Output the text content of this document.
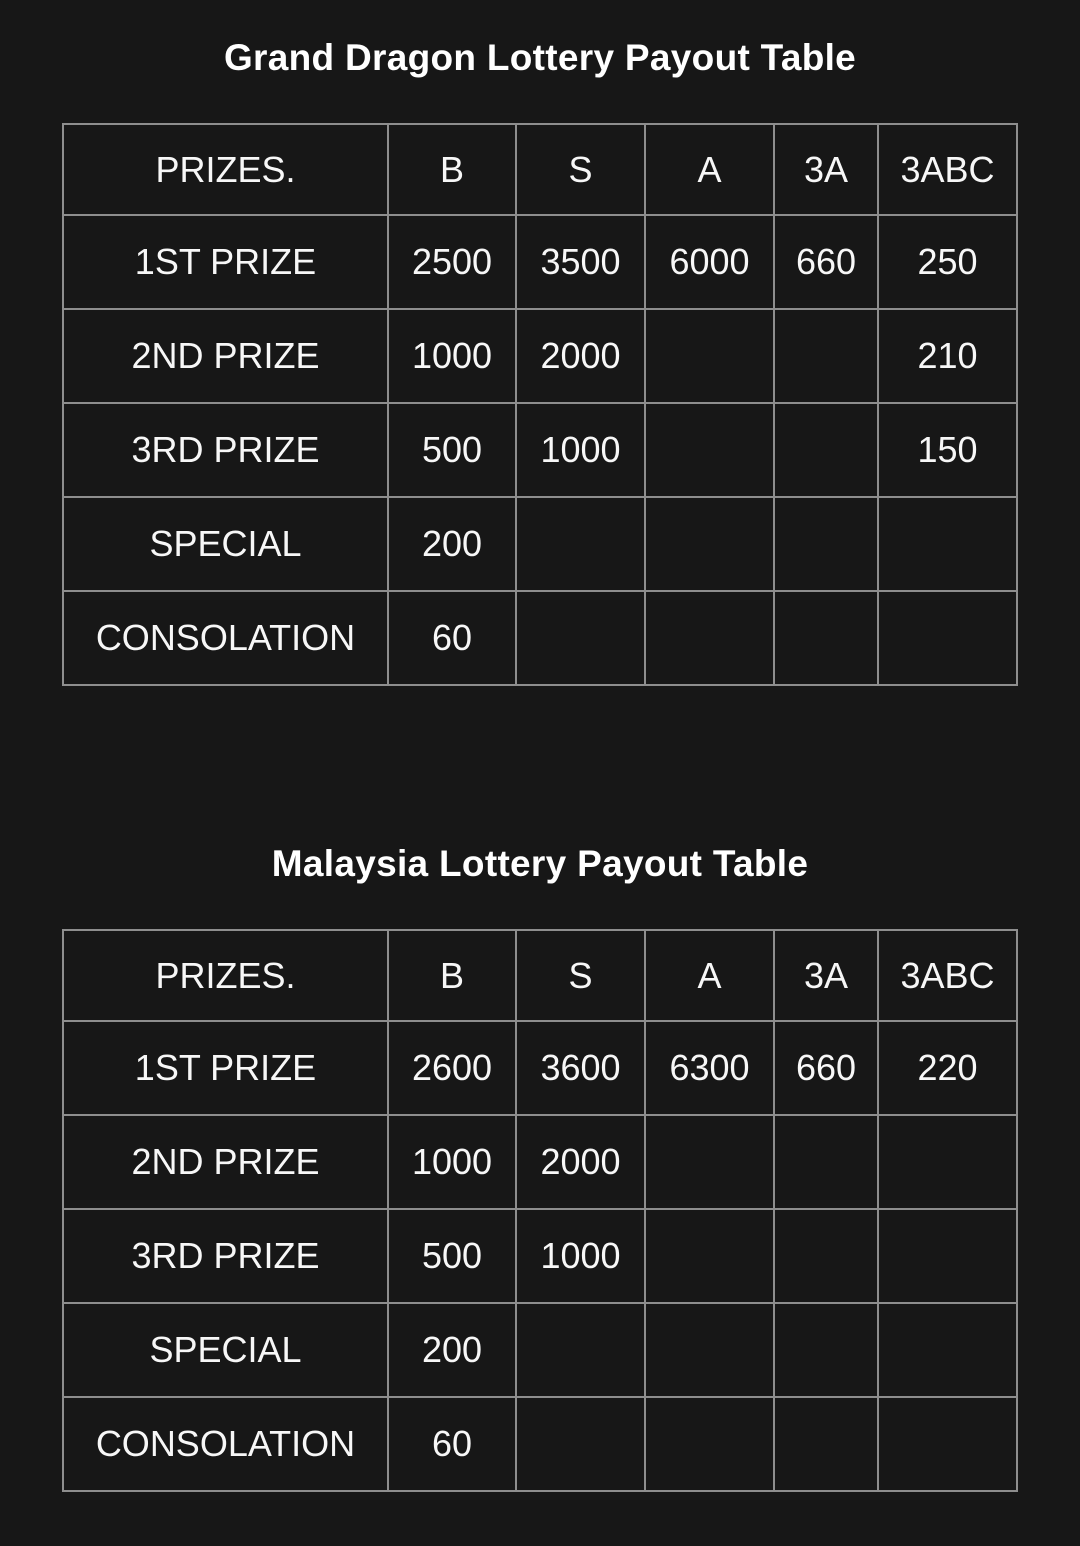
Grand Dragon Lottery Payout Table
PRIZES.	B	S	A	3A	3ABC
1ST PRIZE	2500	3500	6000	660	250
2ND PRIZE	1000	2000			210
3RD PRIZE	500	1000			150
SPECIAL	200				
CONSOLATION	60				
Malaysia Lottery Payout Table
PRIZES.	B	S	A	3A	3ABC
1ST PRIZE	2600	3600	6300	660	220
2ND PRIZE	1000	2000			
3RD PRIZE	500	1000			
SPECIAL	200				
CONSOLATION	60				
